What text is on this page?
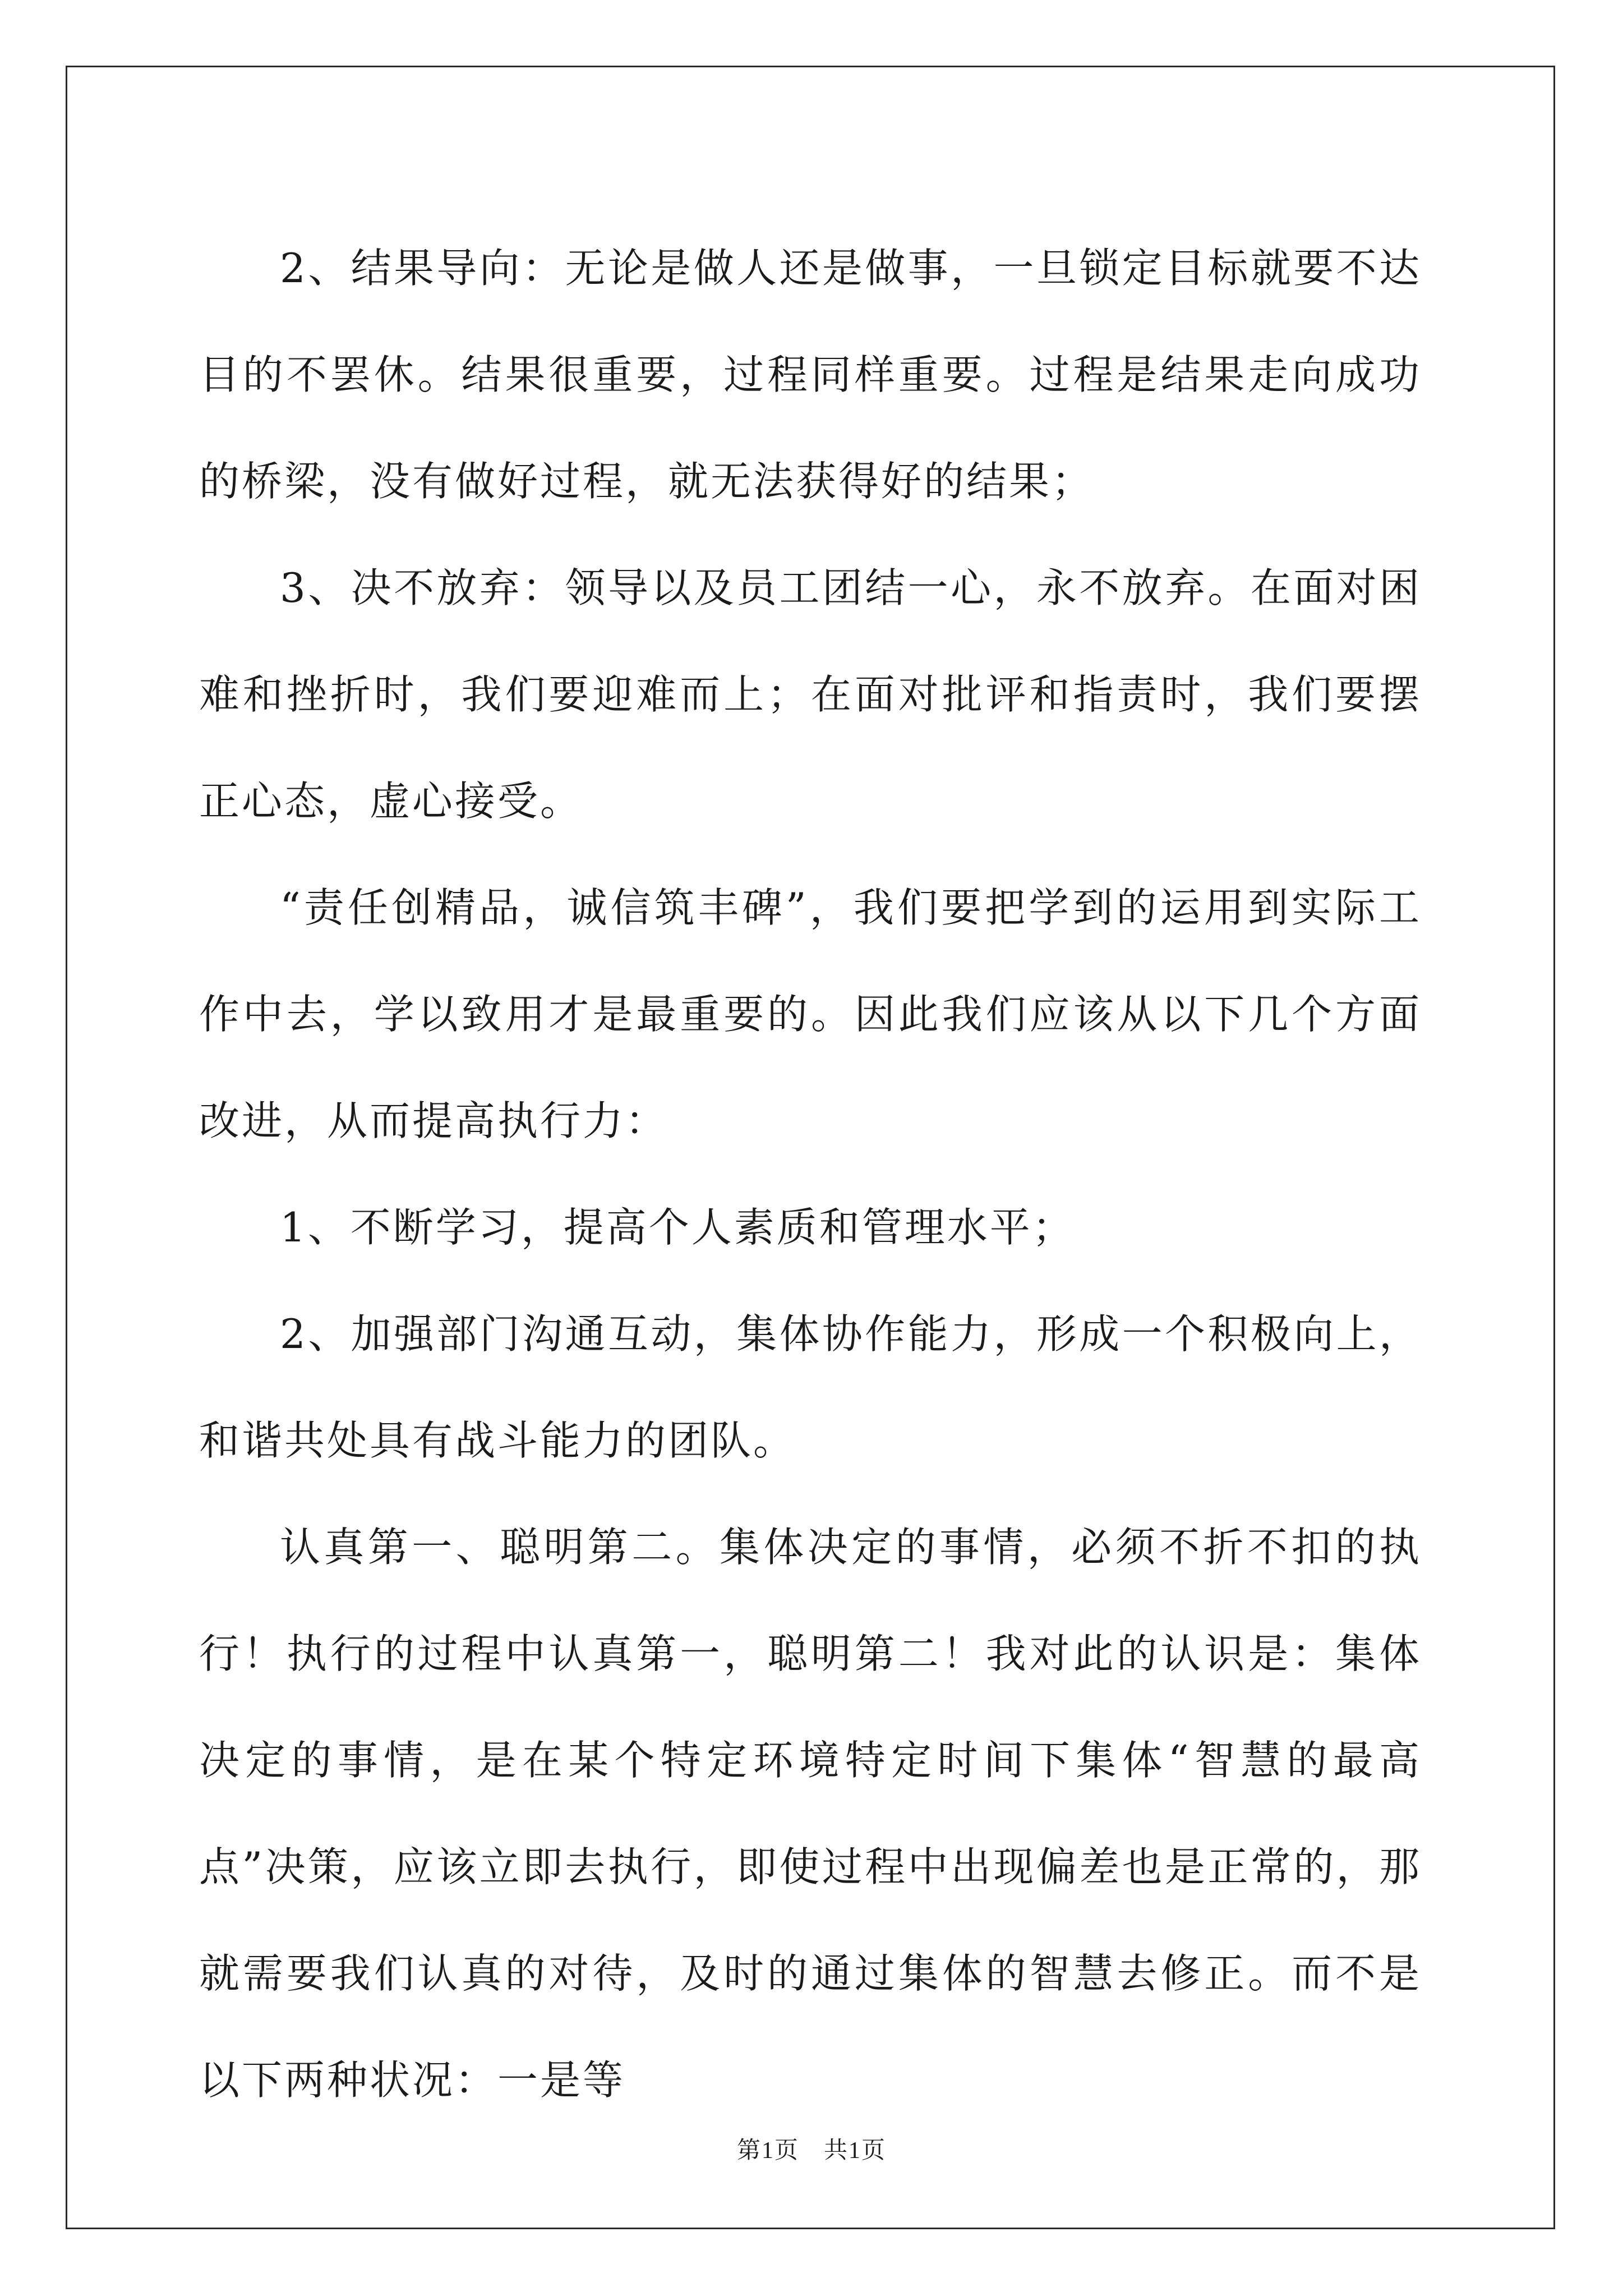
2、结果导向：无论是做人还是做事，一旦锁定目标就要不达目的不罢休。结果很重要，过程同样重要。过程是结果走向成功的桥梁，没有做好过程，就无法获得好的结果；

3、决不放弃：领导以及员工团结一心，永不放弃。在面对困难和挫折时，我们要迎难而上；在面对批评和指责时，我们要摆正心态，虚心接受。

“责任创精品，诚信筑丰碑”，我们要把学到的运用到实际工作中去，学以致用才是最重要的。因此我们应该从以下几个方面改进，从而提高执行力：

1、不断学习，提高个人素质和管理水平；

2、加强部门沟通互动，集体协作能力，形成一个积极向上，和谐共处具有战斗能力的团队。

认真第一、聪明第二。集体决定的事情，必须不折不扣的执行！执行的过程中认真第一，聪明第二！我对此的认识是：集体决定的事情，是在某个特定环境特定时间下集体“智慧的最高点”决策，应该立即去执行，即使过程中出现偏差也是正常的，那就需要我们认真的对待，及时的通过集体的智慧去修正。而不是以下两种状况：一是等

第1页　共1页
